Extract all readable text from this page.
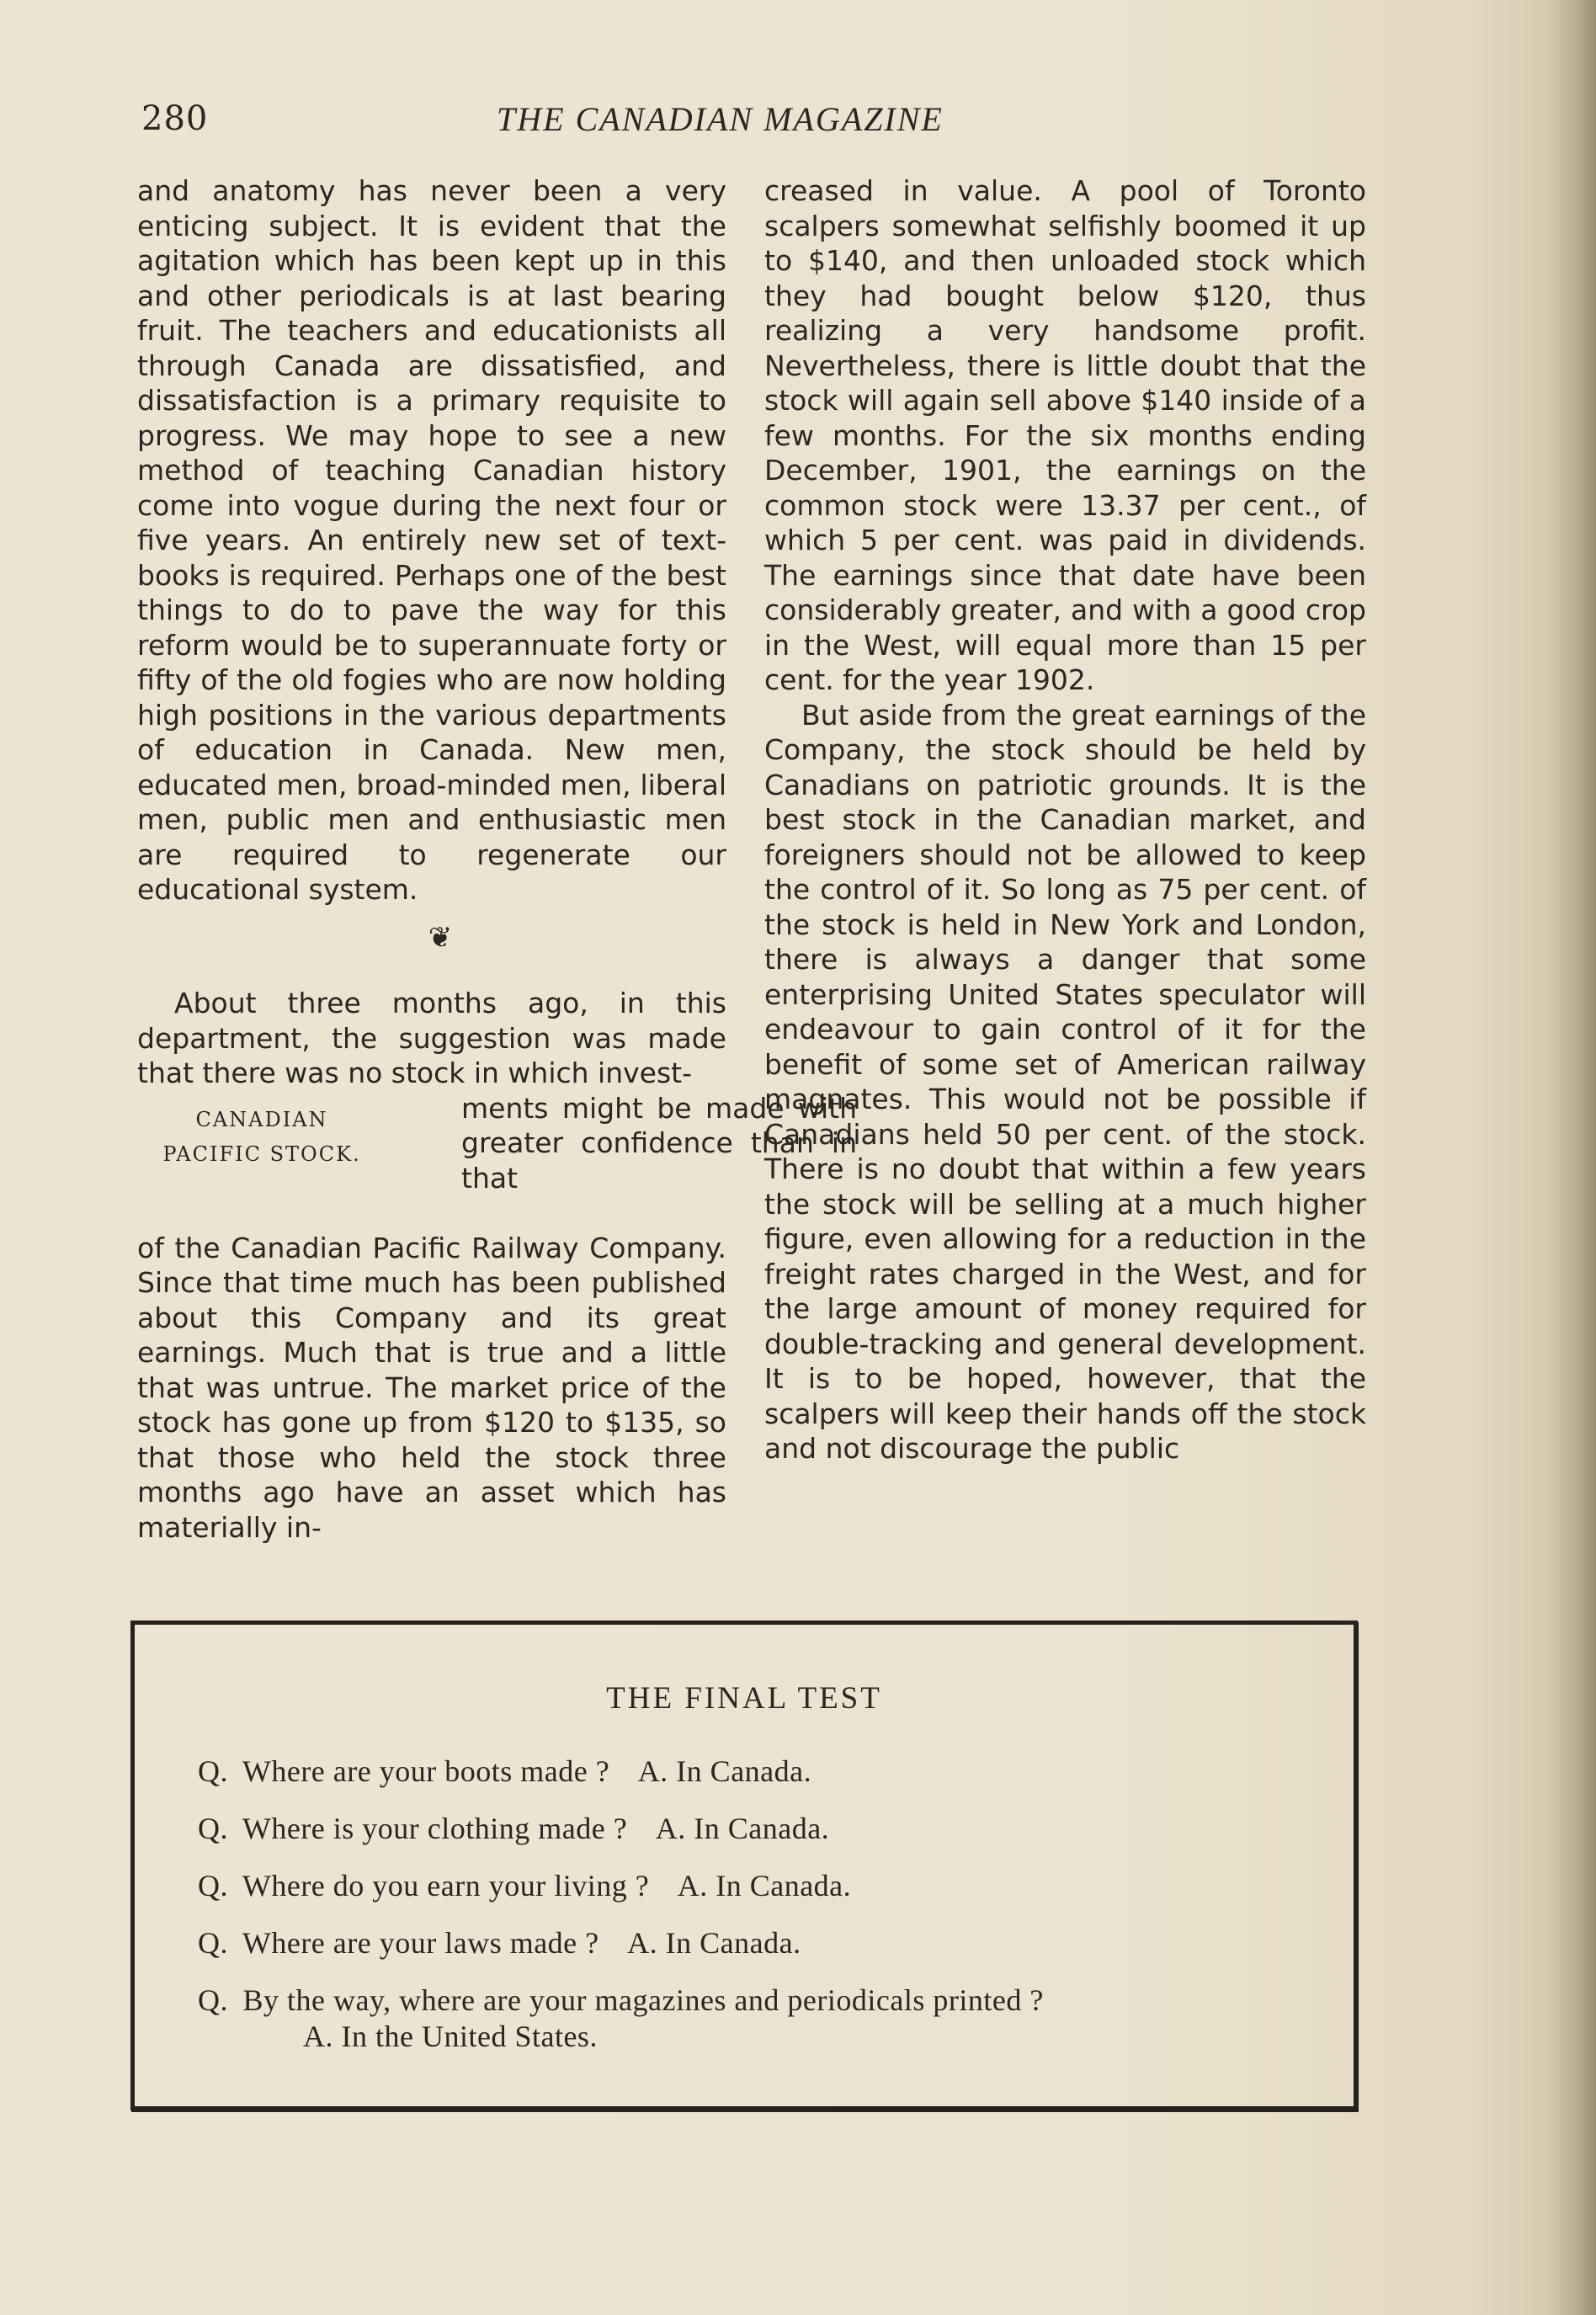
280	THE CANADIAN MAGAZINE

and anatomy has never been a very enticing subject. It is evident that the agitation which has been kept up in this and other periodicals is at last bearing fruit. The teachers and educationists all through Canada are dissatisfied, and dissatisfaction is a primary requisite to progress. We may hope to see a new method of teaching Canadian history come into vogue during the next four or five years. An entirely new set of text-books is required. Perhaps one of the best things to do to pave the way for this reform would be to superannuate forty or fifty of the old fogies who are now holding high positions in the various departments of education in Canada. New men, educated men, broad-minded men, liberal men, public men and enthusiastic men are required to regenerate our educational system.

❦

About three months ago, in this department, the suggestion was made that there was no stock in which invest-

CANADIAN PACIFIC STOCK.
ments might be made with greater confidence than in that

of the Canadian Pacific Railway Company. Since that time much has been published about this Company and its great earnings. Much that is true and a little that was untrue. The market price of the stock has gone up from $120 to $135, so that those who held the stock three months ago have an asset which has materially in-

creased in value. A pool of Toronto scalpers somewhat selfishly boomed it up to $140, and then unloaded stock which they had bought below $120, thus realizing a very handsome profit. Nevertheless, there is little doubt that the stock will again sell above $140 inside of a few months. For the six months ending December, 1901, the earnings on the common stock were 13.37 per cent., of which 5 per cent. was paid in dividends. The earnings since that date have been considerably greater, and with a good crop in the West, will equal more than 15 per cent. for the year 1902.

But aside from the great earnings of the Company, the stock should be held by Canadians on patriotic grounds. It is the best stock in the Canadian market, and foreigners should not be allowed to keep the control of it. So long as 75 per cent. of the stock is held in New York and London, there is always a danger that some enterprising United States speculator will endeavour to gain control of it for the benefit of some set of American railway magnates. This would not be possible if Canadians held 50 per cent. of the stock. There is no doubt that within a few years the stock will be selling at a much higher figure, even allowing for a reduction in the freight rates charged in the West, and for the large amount of money required for double-tracking and general development. It is to be hoped, however, that the scalpers will keep their hands off the stock and not discourage the public

THE FINAL TEST
Q. Where are your boots made ? A. In Canada.
Q. Where is your clothing made ? A. In Canada.
Q. Where do you earn your living ? A. In Canada.
Q. Where are your laws made ? A. In Canada.
Q. By the way, where are your magazines and periodicals printed ?
A. In the United States.
